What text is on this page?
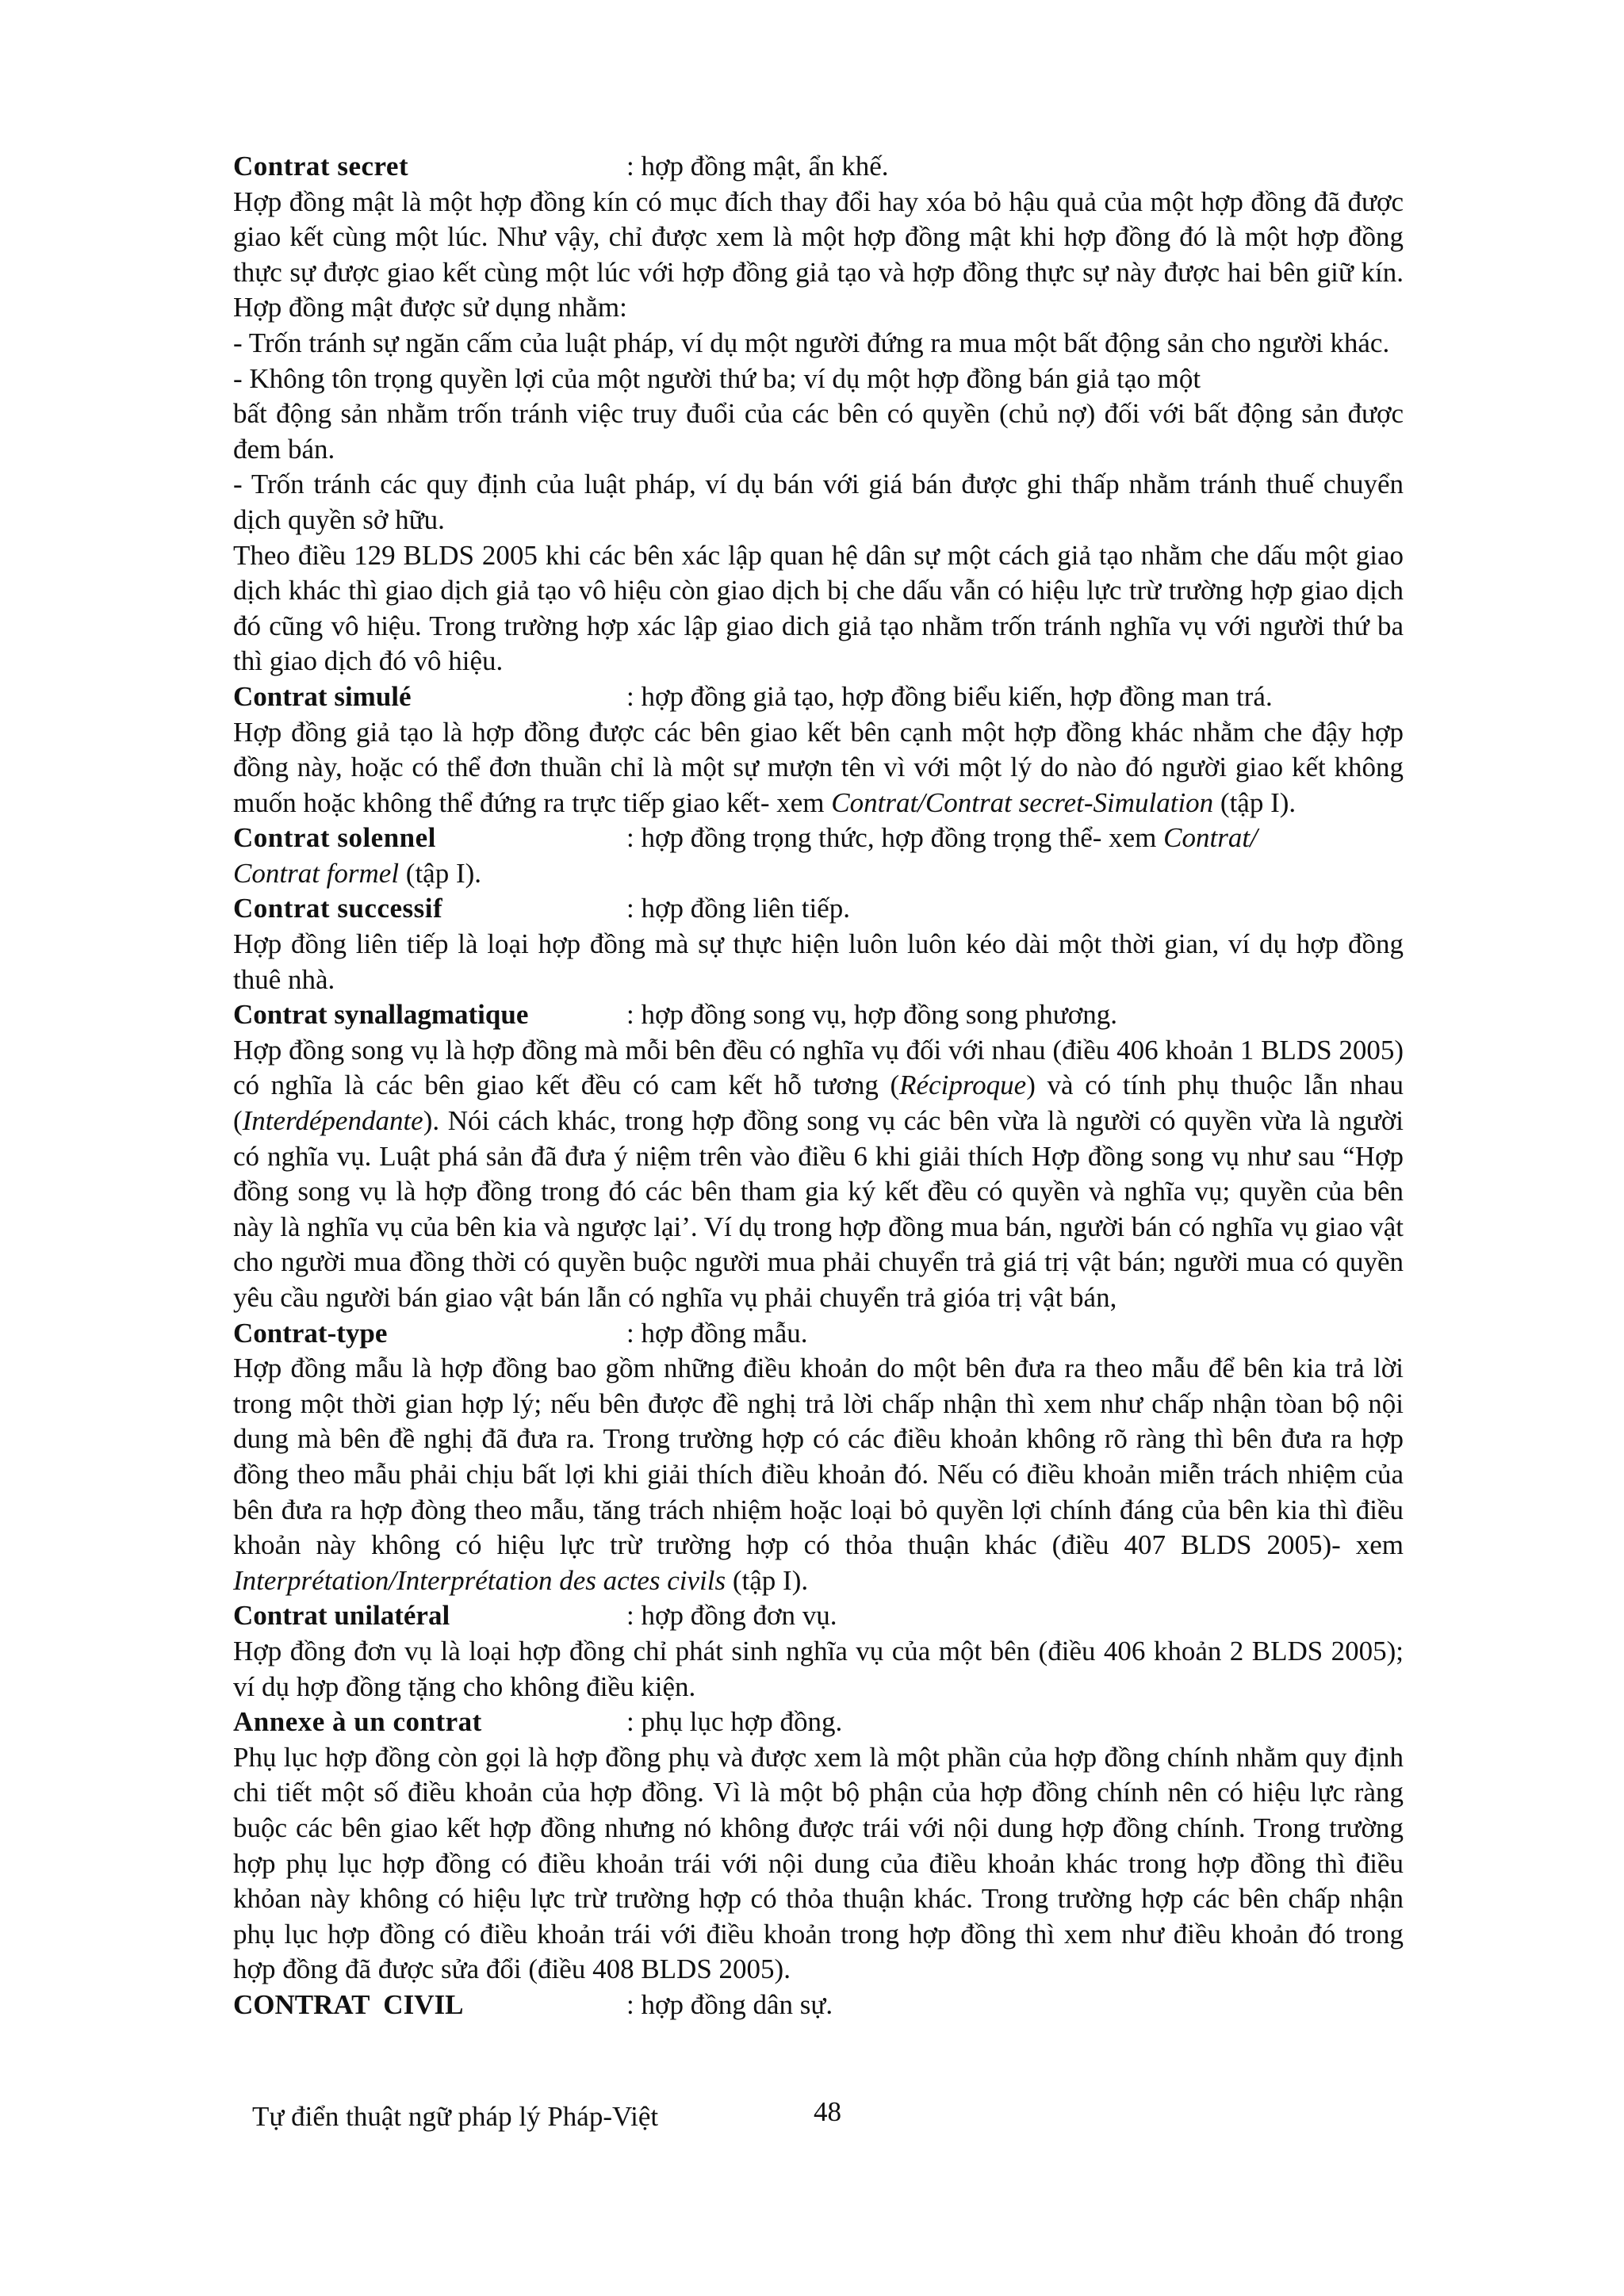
Contrat secret	: hợp đồng mật, ẩn khế.

Hợp đồng mật là một hợp đồng kín có mục đích thay đổi hay xóa bỏ hậu quả của một hợp đồng đã được giao kết cùng một lúc. Như vậy, chỉ được xem là một hợp đồng mật khi hợp đồng đó là một hợp đồng thực sự được giao kết cùng một lúc với hợp đồng giả tạo và hợp đồng thực sự này được hai bên giữ kín. Hợp đồng mật được sử dụng nhằm:

- Trốn tránh sự ngăn cấm của luật pháp, ví dụ một người đứng ra mua một bất động sản cho người khác.

- Không tôn trọng quyền lợi của một người thứ ba; ví dụ một hợp đồng bán giả tạo một

bất động sản nhằm trốn tránh việc truy đuổi của các bên có quyền (chủ nợ) đối với bất động sản được đem bán.

- Trốn tránh các quy định của luật pháp, ví dụ bán với giá bán được ghi thấp nhằm tránh thuế chuyển dịch quyền sở hữu.

Theo điều 129 BLDS 2005 khi các bên xác lập quan hệ dân sự một cách giả tạo nhằm che dấu một giao dịch khác thì giao dịch giả tạo vô hiệu còn giao dịch bị che dấu vẫn có hiệu lực trừ trường hợp giao dịch đó cũng vô hiệu. Trong trường hợp xác lập giao dich giả tạo nhằm trốn tránh nghĩa vụ với người thứ ba thì giao dịch đó vô hiệu.

Contrat simulé	: hợp đồng giả tạo, hợp đồng biểu kiến, hợp đồng man trá.

Hợp đồng giả tạo là hợp đồng được các bên giao kết bên cạnh một hợp đồng khác nhằm che đậy hợp đồng này, hoặc có thể đơn thuần chỉ là một sự mượn tên vì với một lý do nào đó người giao kết không muốn hoặc không thể đứng ra trực tiếp giao kết- xem Contrat/Contrat secret-Simulation (tập I).

Contrat solennel	: hợp đồng trọng thức, hợp đồng trọng thể- xem Contrat/

Contrat formel (tập I).

Contrat successif	: hợp đồng liên tiếp.

Hợp đồng liên tiếp là loại hợp đồng mà sự thực hiện luôn luôn kéo dài một thời gian, ví dụ hợp đồng thuê nhà.

Contrat synallagmatique	: hợp đồng song vụ, hợp đồng song phương.

Hợp đồng song vụ là hợp đồng mà mỗi bên đều có nghĩa vụ đối với nhau (điều 406 khoản 1 BLDS 2005) có nghĩa là các bên giao kết đều có cam kết hỗ tương (Réciproque) và có tính phụ thuộc lẫn nhau (Interdépendante). Nói cách khác, trong hợp đồng song vụ các bên vừa là người có quyền vừa là người có nghĩa vụ. Luật phá sản đã đưa ý niệm trên vào điều 6 khi giải thích Hợp đồng song vụ như sau “Hợp đồng song vụ là hợp đồng trong đó các bên tham gia ký kết đều có quyền và nghĩa vụ; quyền của bên này là nghĩa vụ của bên kia và ngược lại’. Ví dụ trong hợp đồng mua bán, người bán có nghĩa vụ giao vật cho người mua đồng thời có quyền buộc người mua phải chuyển trả giá trị vật bán; người mua có quyền yêu cầu người bán giao vật bán lẫn có nghĩa vụ phải chuyển trả gióa trị vật bán,

Contrat-type	: hợp đồng mẫu.

Hợp đồng mẫu là hợp đồng bao gồm những điều khoản do một bên đưa ra theo mẫu để bên kia trả lời trong một thời gian hợp lý; nếu bên được đề nghị trả lời chấp nhận thì xem như chấp nhận tòan bộ nội dung mà bên đề nghị đã đưa ra. Trong trường hợp có các điều khoản không rõ ràng thì bên đưa ra hợp đồng theo mẫu phải chịu bất lợi khi giải thích điều khoản đó. Nếu có điều khoản miễn trách nhiệm của bên đưa ra hợp đòng theo mẫu, tăng trách nhiệm hoặc loại bỏ quyền lợi chính đáng của bên kia thì điều khoản này không có hiệu lực trừ trường hợp có thỏa thuận khác (điều 407 BLDS 2005)- xem Interprétation/Interprétation des actes civils (tập I).

Contrat unilatéral	: hợp đồng đơn vụ.

Hợp đồng đơn vụ là loại hợp đồng chỉ phát sinh nghĩa vụ của một bên (điều 406 khoản 2 BLDS 2005); ví dụ hợp đồng tặng cho không điều kiện.

Annexe à un contrat	: phụ lục hợp đồng.

Phụ lục hợp đồng còn gọi là hợp đồng phụ và được xem là một phần của hợp đồng chính nhằm quy định chi tiết một số điều khoản của hợp đồng. Vì là một bộ phận của hợp đồng chính nên có hiệu lực ràng buộc các bên giao kết hợp đồng nhưng nó không được trái với nội dung hợp đồng chính. Trong trường hợp phụ lục hợp đồng có điều khoản trái với nội dung của điều khoản khác trong hợp đồng thì điều khỏan này không có hiệu lực trừ trường hợp có thỏa thuận khác. Trong trường hợp các bên chấp nhận phụ lục hợp đồng có điều khoản trái với điều khoản trong hợp đồng thì xem như điều khoản đó trong hợp đồng đã được sửa đổi (điều 408 BLDS 2005).

CONTRAT  CIVIL	: hợp đồng dân sự.
Tự điển thuật ngữ pháp lý Pháp-Việt	48
